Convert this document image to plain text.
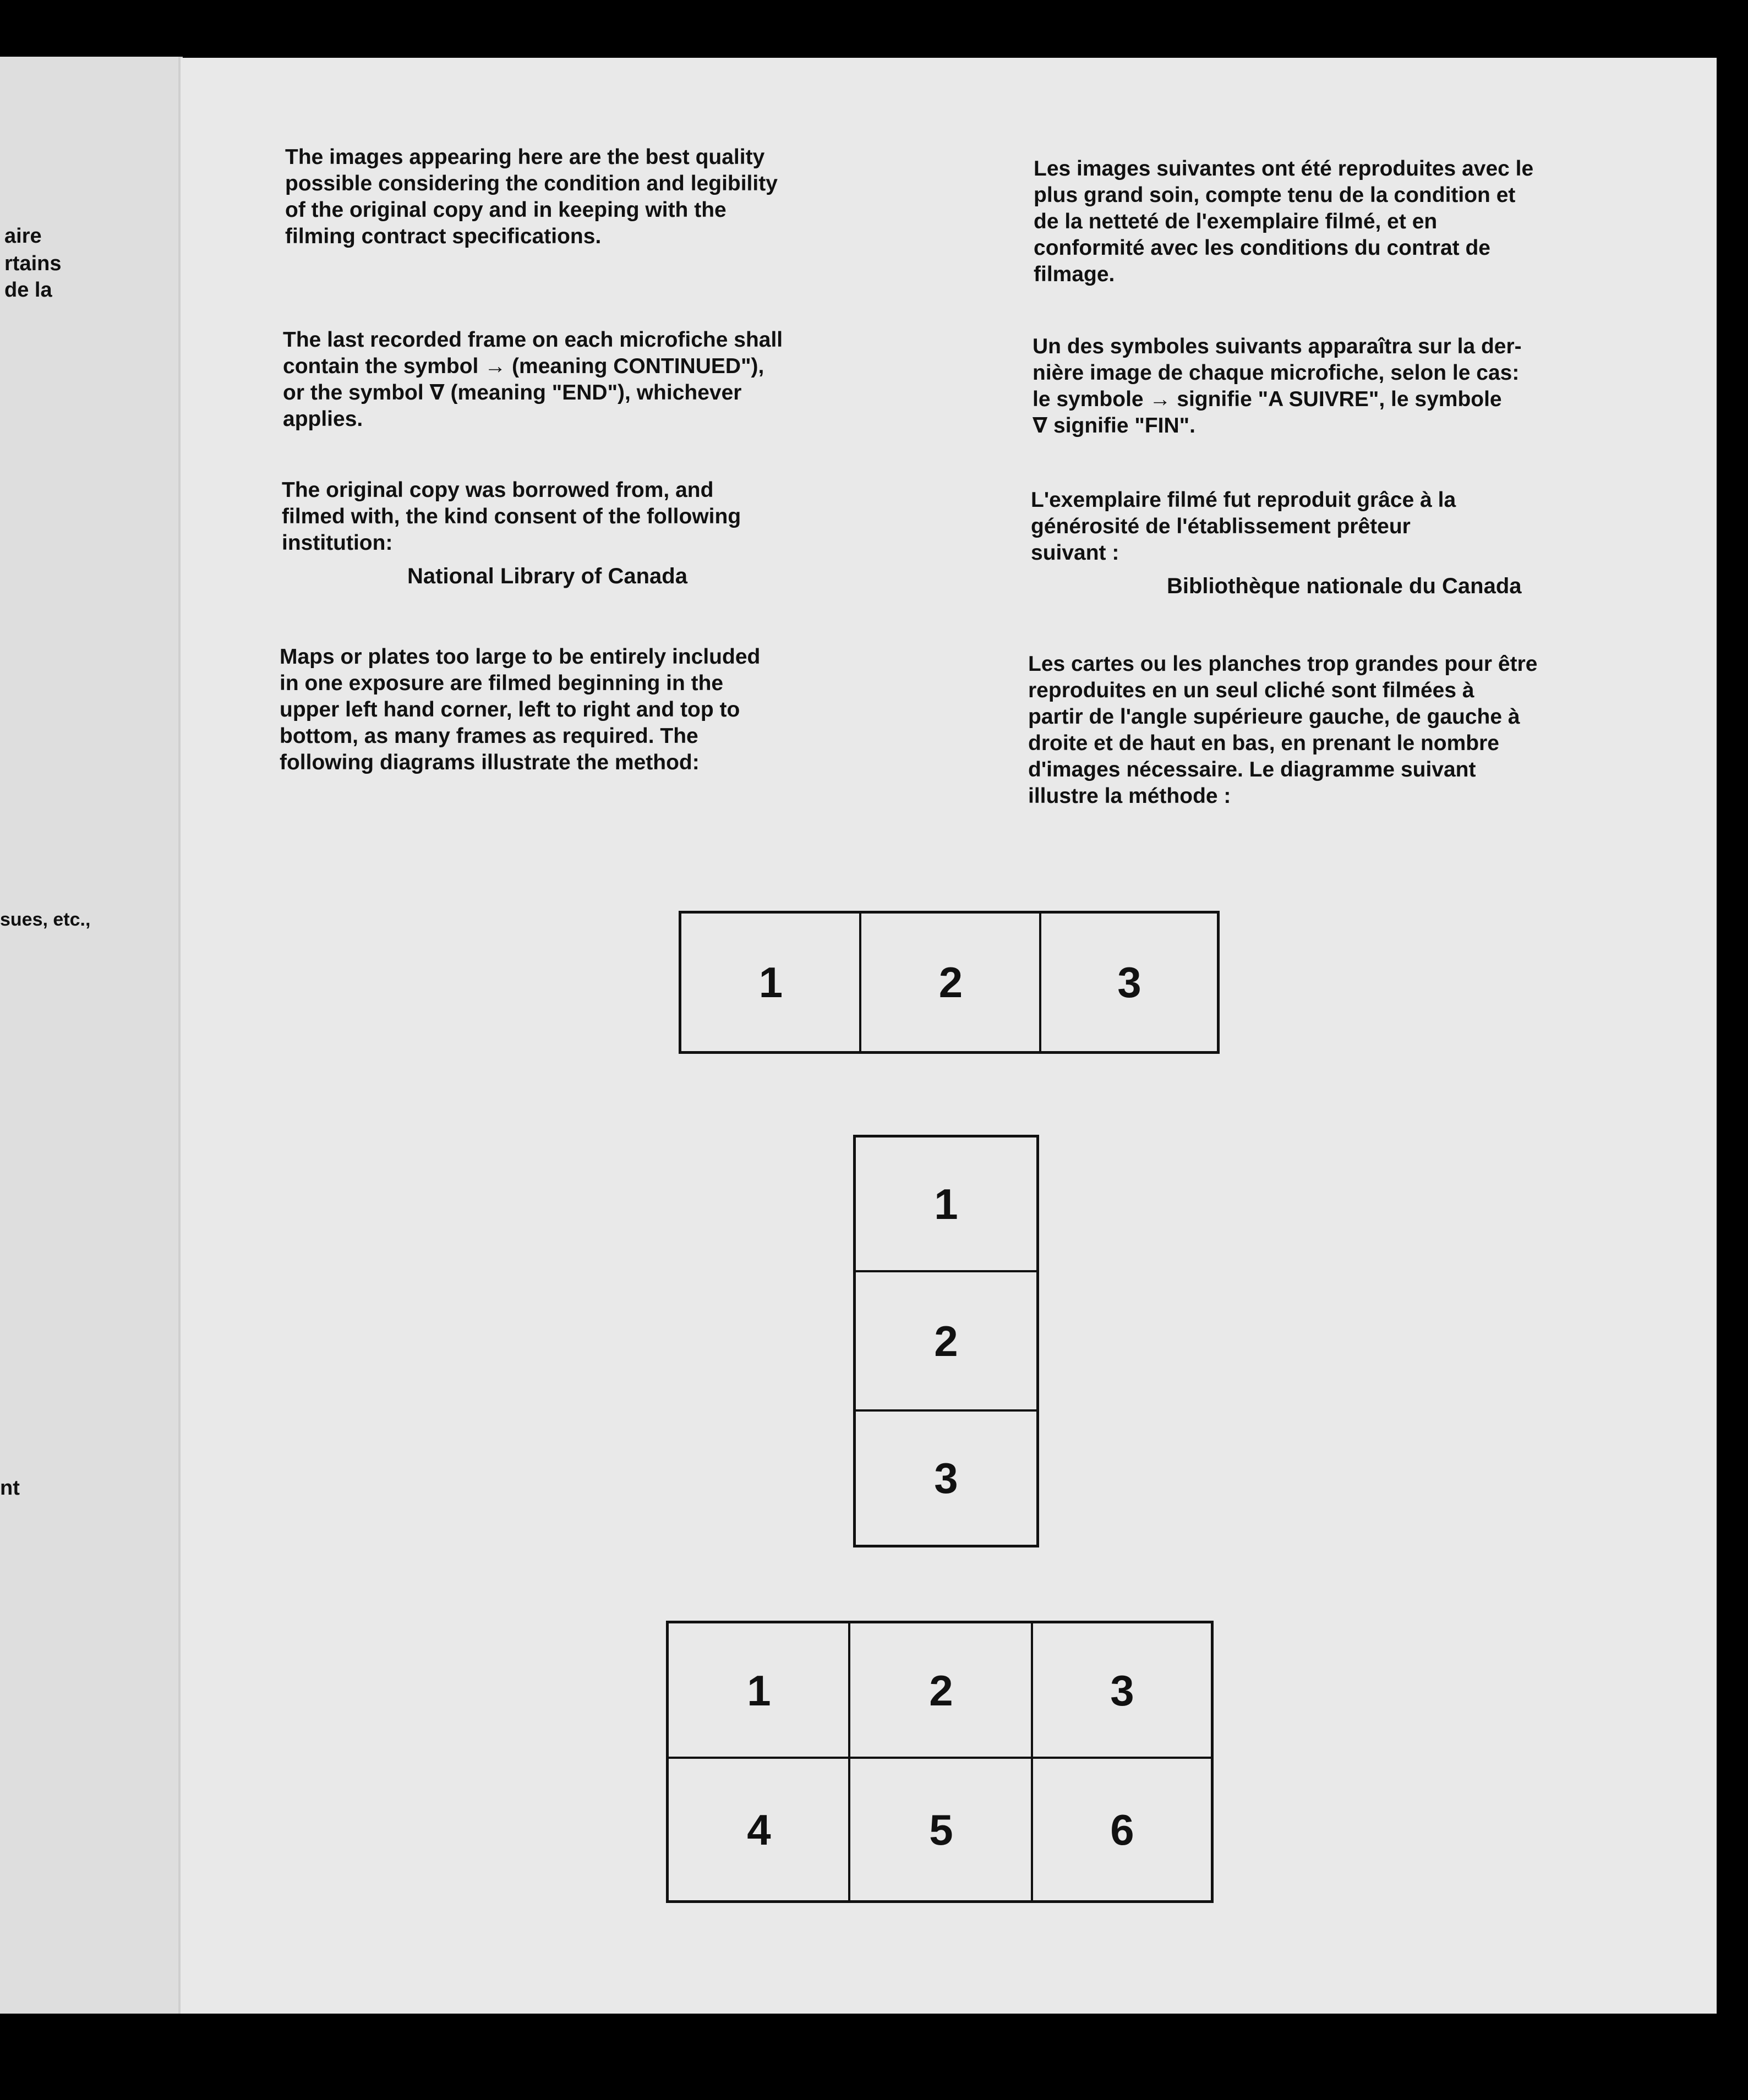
aire
rtains
de la
sues, etc.,
nt
The images appearing here are the best quality
possible considering the condition and legibility
of the original copy and in keeping with the
filming contract specifications.
The last recorded frame on each microfiche shall
contain the symbol → (meaning CONTINUED"),
or the symbol ∇ (meaning "END"), whichever
applies.
The original copy was borrowed from, and
filmed with, the kind consent of the following
institution:
National Library of Canada
Maps or plates too large to be entirely included
in one exposure are filmed beginning in the
upper left hand corner, left to right and top to
bottom, as many frames as required. The
following diagrams illustrate the method:
Les images suivantes ont été reproduites avec le
plus grand soin, compte tenu de la condition et
de la netteté de l'exemplaire filmé, et en
conformité avec les conditions du contrat de
filmage.
Un des symboles suivants apparaîtra sur la der-
nière image de chaque microfiche, selon le cas:
le symbole → signifie "A SUIVRE", le symbole
∇ signifie "FIN".
L'exemplaire filmé fut reproduit grâce à la
générosité de l'établissement prêteur
suivant :
Bibliothèque nationale du Canada
Les cartes ou les planches trop grandes pour être
reproduites en un seul cliché sont filmées à
partir de l'angle supérieure gauche, de gauche à
droite et de haut en bas, en prenant le nombre
d'images nécessaire. Le diagramme suivant
illustre la méthode :
1	2	3
1
2
3
1	2	3
4	5	6
